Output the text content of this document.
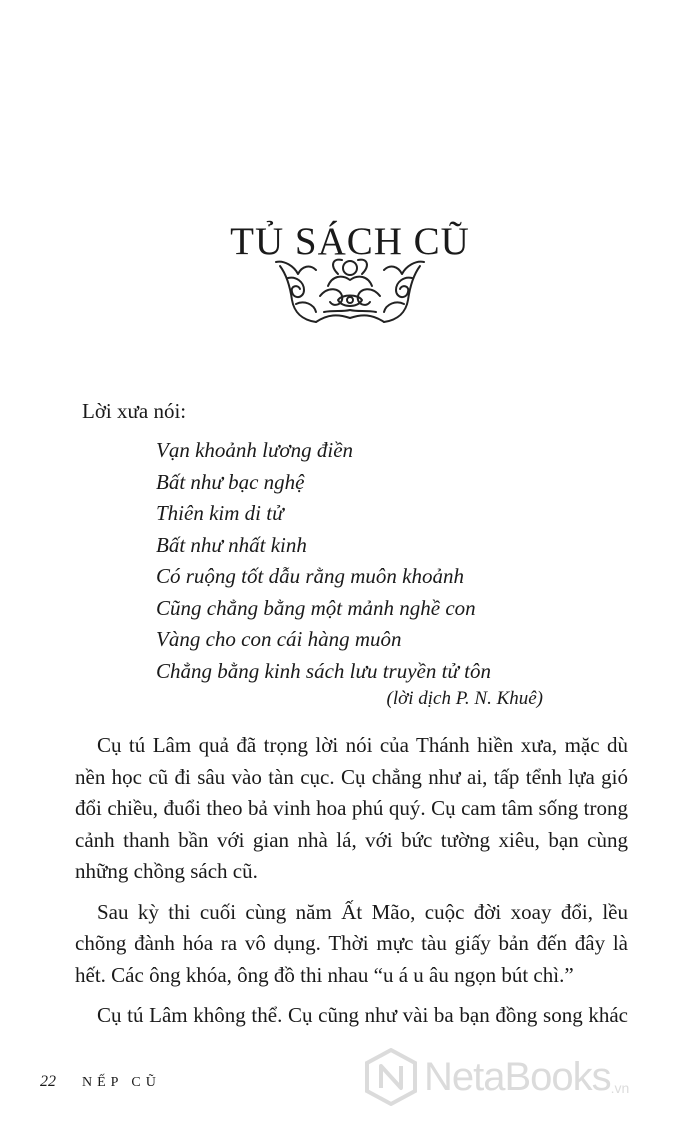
TỦ SÁCH CŨ
Lời xưa nói:
Vạn khoảnh lương điền
Bất như bạc nghệ
Thiên kim di tử
Bất như nhất kinh
Có ruộng tốt dẫu rằng muôn khoảnh
Cũng chẳng bằng một mảnh nghề con
Vàng cho con cái hàng muôn
Chẳng bằng kinh sách lưu truyền tử tôn
(lời dịch P. N. Khuê)

Cụ tú Lâm quả đã trọng lời nói của Thánh hiền xưa, mặc dù nền học cũ đi sâu vào tàn cục. Cụ chẳng như ai, tấp tểnh lựa gió đổi chiều, đuổi theo bả vinh hoa phú quý. Cụ cam tâm sống trong cảnh thanh bần với gian nhà lá, với bức tường xiêu, bạn cùng những chồng sách cũ.

Sau kỳ thi cuối cùng năm Ất Mão, cuộc đời xoay đổi, lều chõng đành hóa ra vô dụng. Thời mực tàu giấy bản đến đây là hết. Các ông khóa, ông đồ thi nhau “u á u âu ngọn bút chì.”

Cụ tú Lâm không thể. Cụ cũng như vài ba bạn đồng song khác

22 NẾP CŨ	NetaBooks .vn
